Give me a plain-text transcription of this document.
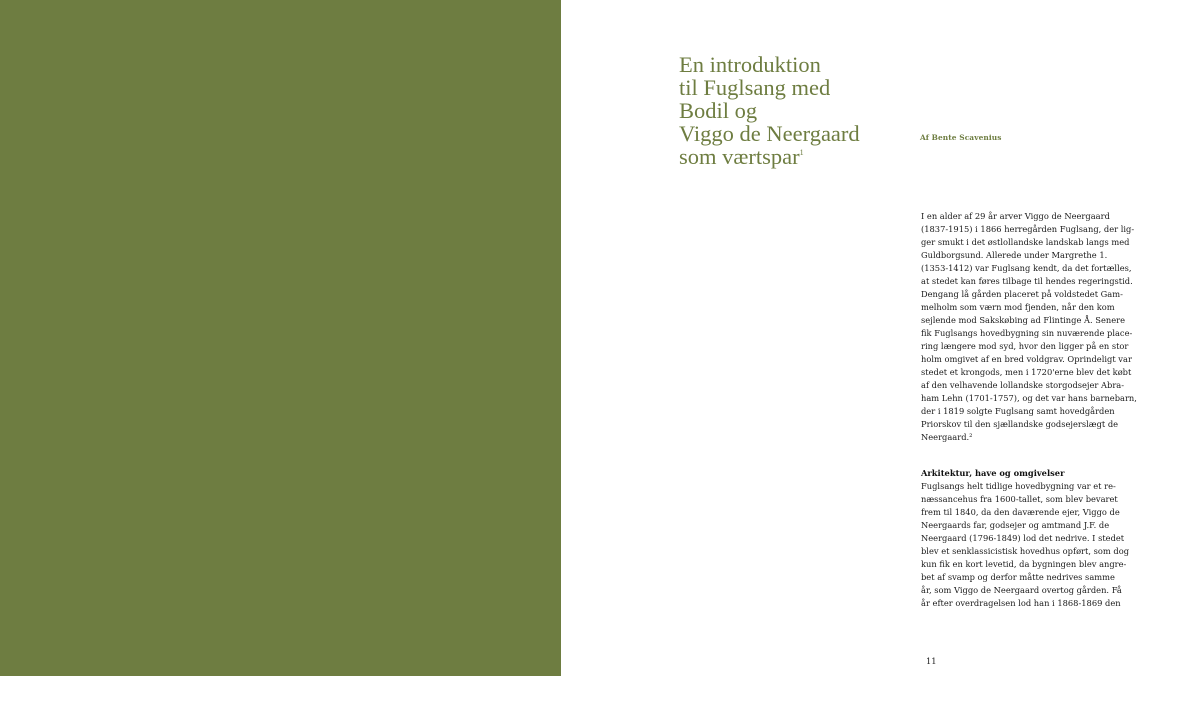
En introduktion
til Fuglsang med
Bodil og
Viggo de Neergaard
som værtspar$^1$
Af Bente Scavenius
I en alder af 29 år arver Viggo de Neergaard
(1837-1915) i 1866 herregården Fuglsang, der lig-
ger smukt i det østlollandske landskab langs med
Guldborgsund. Allerede under Margrethe 1.
(1353-1412) var Fuglsang kendt, da det fortælles,
at stedet kan føres tilbage til hendes regeringstid.
Dengang lå gården placeret på voldstedet Gam-
melholm som værn mod fjenden, når den kom
sejlende mod Sakskøbing ad Flintinge Å. Senere
fik Fuglsangs hovedbygning sin nuværende place-
ring længere mod syd, hvor den ligger på en stor
holm omgivet af en bred voldgrav. Oprindeligt var
stedet et krongods, men i 1720'erne blev det købt
af den velhavende lollandske storgodsejer Abra-
ham Lehn (1701-1757), og det var hans barnebarn,
der i 1819 solgte Fuglsang samt hovedgården
Priorskov til den sjællandske godsejerslægt de
Neergaard.²
Arkitektur, have og omgivelser
Fuglsangs helt tidlige hovedbygning var et re-
næssancehus fra 1600-tallet, som blev bevaret
frem til 1840, da den daværende ejer, Viggo de
Neergaards far, godsejer og amtmand J.F. de
Neergaard (1796-1849) lod det nedrive. I stedet
blev et senklassicistisk hovedhus opført, som dog
kun fik en kort levetid, da bygningen blev angre-
bet af svamp og derfor måtte nedrives samme
år, som Viggo de Neergaard overtog gården. Få
år efter overdragelsen lod han i 1868-1869 den
11
